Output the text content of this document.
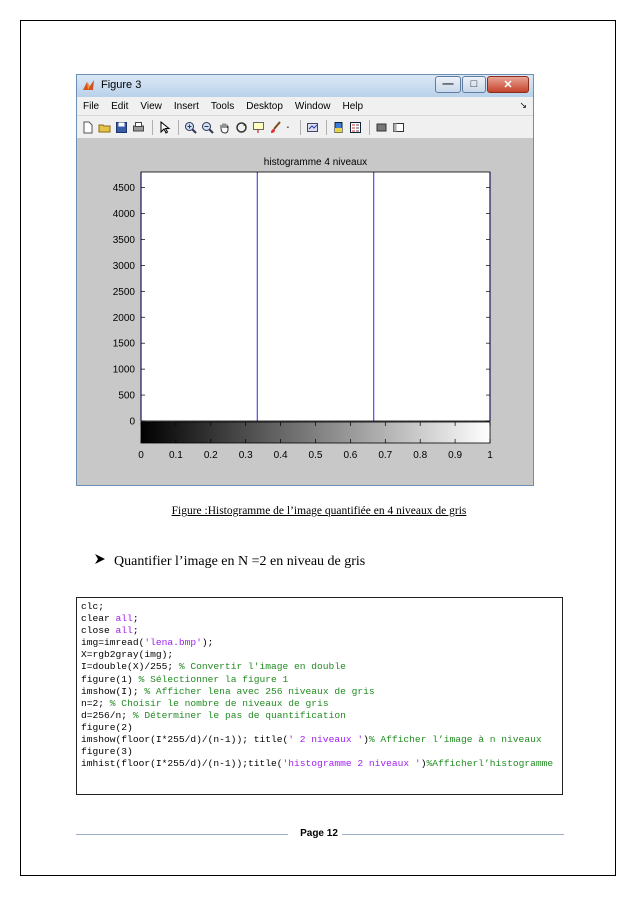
Figure 3	—	□	✕
File Edit View Insert Tools Desktop Window Help	↘
0
500
1000
1500
2000
2500
3000
3500
4000
4500
0	0.1 0.2 0.3 0.4 0.5 0.6 0.7 0.8 0.9	1
histogramme 4 niveaux
Figure :Histogramme de l’image quantifiée en 4 niveaux de gris
Quantifier l’image en N =2 en niveau de gris
clc;
clear all;
close all;
img=imread('lena.bmp');
X=rgb2gray(img);
I=double(X)/255; % Convertir l'image en double
figure(1) % Sélectionner la figure 1
imshow(I); % Afficher lena avec 256 niveaux de gris
n=2; % Choisir le nombre de niveaux de gris
d=256/n; % Déterminer le pas de quantification
figure(2)
imshow(floor(I*255/d)/(n-1)); title(' 2 niveaux ')% Afficher l’image à n niveaux
figure(3)
imhist(floor(I*255/d)/(n-1));title('histogramme 2 niveaux ')%Afficherl’histogramme
Page 12
